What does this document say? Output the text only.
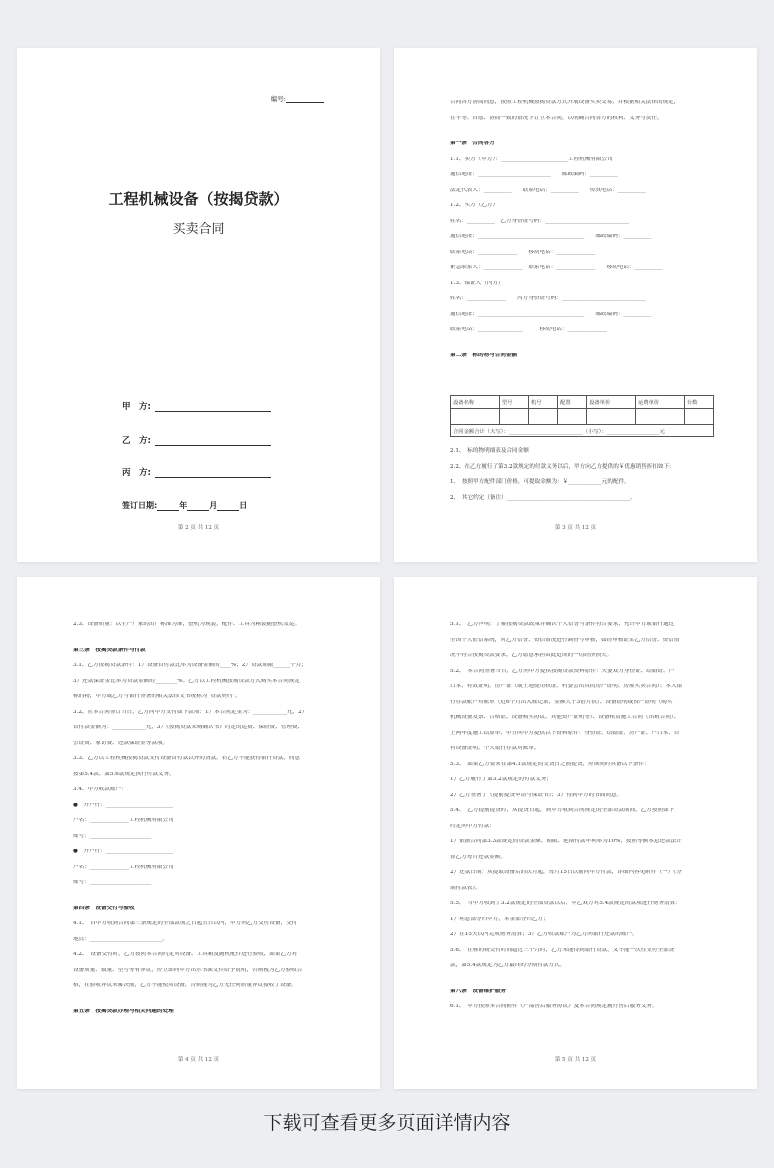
编号:
工程机械设备（按揭贷款）
买卖合同
甲　方:
乙　方:
丙　方:
签订日期:	年	月	日
第 2 页 共 12 页
合同各方协商同意，按照工程机械按揭贷款方式开展设备买卖交易，并根据相关法律的规定，
在平等、自愿、协商一致的情况下订立本合同，以明确合同各方的权利、义务与责任。
第一条　合同各方
1.1、卖方（甲方）：________________________工程机械有限公司
通信地址：__________________________　　邮政编码：__________
法定代表人：__________　　联系电话：__________　　传真电话：__________
1.2、买方（乙方）
姓名：__________　乙方身份证号码：______________________________
通信地址：______________________________________　　邮政编码：__________
联系电话：______________　　移动电话：______________
紧急联系人：______________　联系电话：______________　　移动电话：__________
1.3、保证人（丙方）
姓名：______________　　丙方身份证号码：______________________________
通信地址：______________________________________　　邮政编码：__________
联系电话：________________　　　移动电话：______________
第二条　标的物与合同金额
设备名称	型号	机号	配置	设备单价	运费单价	台数

合同金额合计（大写）：____________________________（小写）：____________________元						
2.1、　标的物明细表及合同金额
2.2、在乙方履行了第3.2款规定的付款义务以后，甲方向乙方提供的￥优惠销售折扣如下：
1、　按照甲方配件部门价格，可提取金额为：￥____________元的配件。
2、　其它约定（备注）____________________________________________。
第 3 页 共 12 页
2.3、设备质量：以生产厂家的出厂标准为准，整机为现装，配件、工具为箱装随整机发运。
第三条　按揭贷款条件与付款
3.1、乙方按揭贷款条件：1）设备首付款比率为设备金额的____%；2）贷款期限______个月；
3）还款保证金比率为贷款金额的________%。乙方以工程机械按揭贷款方式购买本合同规定
标的物，甲方或乙方与银行签署的相关法律文书统称为“贷款契约”。
3.2、在本合同签订当日，乙方向甲方支付如下款项：1）本合同定金为：____________元，2）
首付款金额为：____________元，3）《按揭贷款采购确认书》约定的运费、保险费、管理费、
公证费、家访费、还款保证金等款项。
3.3、乙方以工程机械按揭贷款支付设备首付款以外的货款。若乙方不能获得银行贷款，同意
按第5.4款、第5.6款规定执行付款义务。
3.4、甲方收款账户：
●　开户行：________________________
户名：______________工程机械有限公司
账号：______________________
●　开户行：________________________
户名：______________工程机械有限公司
账号：______________________
第四条　设备交付与验收
4.1、　自甲方收到合同第三条规定的全部款项之日起五日以内，甲方向乙方交付设备，交付
地点：__________________________。
4.2、　设备交付时，乙方按照本合同约定对设备、工具箱及随机配件进行验收，如果乙方对
设备质量、数量、型号等有异议，应立即向甲方出示书面文件给予说明，否则视为乙方验收合
格，在验收异议未解决前，乙方不能使用设备，否则视为乙方无任何质量异议接收了设备。
第五条　按揭贷款办理与相关问题的处理
第 4 页 共 12 页
5.1、　乙方声明：了解按揭贷款政策并确认个人信誉与条件符合要求，允许甲方或银行通过
全国个人征信系统，对乙方信誉、资信情况进行调查与审核，如经审核证实乙方信誉、资信情
况不符合按揭贷款要求，乙方愿意承担由此造成的一切经济损失。
5.2、　本合同签署当日，乙方向甲方提供按揭贷款资料原件：夫妻双方身份证、结婚证、户
口本、有效证明、房产证（或土地使用权证、村委会出具的房产证明、房屋买卖合同）；本人银
行存款帐户对账单（近6个月出入账记录，金额大于3倍月供）、设备证明或资产证明（购买
机械设备发票、合格证、设备购买协议、其他资产证明等）、设备租赁施工合同（出租合同）、
上两年度施工结算单、甲方向甲方提供以下资料原件：身份证、结婚证、房产证、户口本、自
有设备证明、个人银行存款对账单。
5.3、　如果乙方要求在第4.1款规定的交货日之前提货，应该同时具备以下条件：
1）乙方履行了第3.2款规定的付款义务；
2）乙方签署了《提前提货申请与保证书》；3）得到甲方的书面同意。
5.4、　乙方提前提货时，从提货日起，到甲方收到合同规定的全部贷款期间，乙方按照如下
约定向甲方付款：
1）依据合同第3.3款规定的贷款金额、期限、延期付款年利率为10%，按照等额本息还款法计
算乙方每月还款金额。
2）还款日期：从提取设备后的次月起，每月15日以前向甲方付款，详细内容见附件（一）《分
期付款表》。
5.5、　当甲方收到了3.2款规定的全部贷款以后，甲乙双方对5.4款规定的款项进行财务清算：
1）利息部分归甲方，本金部分归乙方；
2）在15天以内完成财务清算；3）乙方收款账户为乙方向银行还款的账户。
5.6、　在标的物交付时间超过三个月时，乙方未能得到银行贷款，又不能一次性支付全部货
款，第5.4款规定为乙方最终的分期付款方式。
第六条　设备维护服务
6.1、　甲方按照本合同附件《产品售后服务协议》及本合同规定履行售后服务义务。
第 5 页 共 12 页
下载可查看更多页面详情内容
